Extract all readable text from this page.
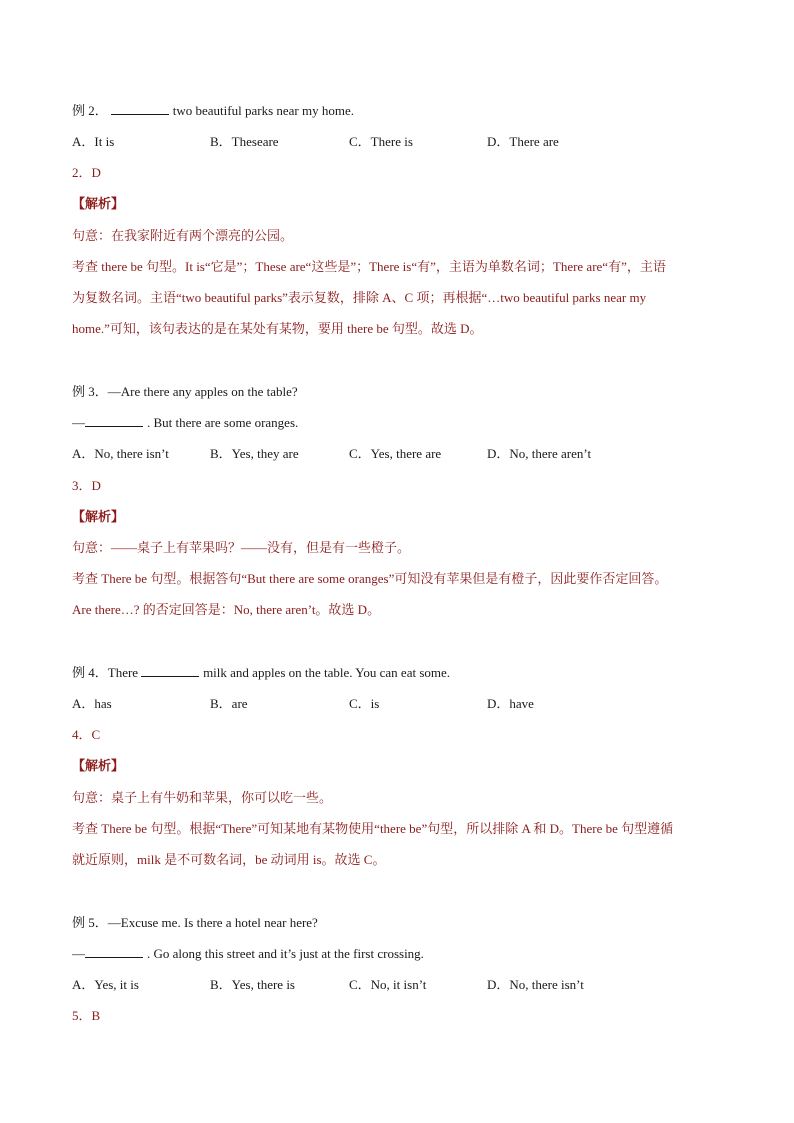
例 2．	two beautiful parks near my home.
A．It is	B．Theseare	C．There is	D．There are
2．D
【解析】
句意：在我家附近有两个漂亮的公园。
考查 there be 句型。It is“它是”；These are“这些是”；There is“有”，主语为单数名词；There are“有”，主语
为复数名词。主语“two beautiful parks”表示复数，排除 A、C 项；再根据“…two beautiful parks near my
home.”可知，该句表达的是在某处有某物，要用 there be 句型。故选 D。
例 3．—Are there any apples on the table?
—	. But there are some oranges.
A．No, there isn’t	B．Yes, they are	C．Yes, there are	D．No, there aren’t
3．D
【解析】
句意：——桌子上有苹果吗？——没有，但是有一些橙子。
考查 There be 句型。根据答句“But there are some oranges”可知没有苹果但是有橙子，因此要作否定回答。
Are there…? 的否定回答是：No, there aren’t。故选 D。
例 4．There	milk and apples on the table. You can eat some.
A．has	B．are	C．is	D．have
4．C
【解析】
句意：桌子上有牛奶和苹果，你可以吃一些。
考查 There be 句型。根据“There”可知某地有某物使用“there be”句型，所以排除 A 和 D。There be 句型遵循
就近原则，milk 是不可数名词，be 动词用 is。故选 C。
例 5．—Excuse me. Is there a hotel near here?
—	. Go along this street and it’s just at the first crossing.
A．Yes, it is	B．Yes, there is	C．No, it isn’t	D．No, there isn’t
5．B
